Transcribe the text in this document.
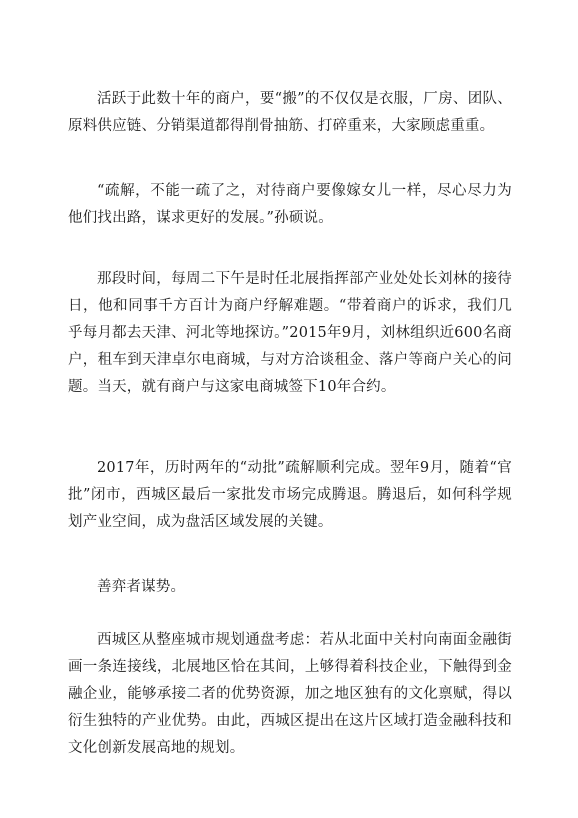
活跃于此数十年的商户，要“搬”的不仅仅是衣服，厂房、团队、原料供应链、分销渠道都得削骨抽筋、打碎重来，大家顾虑重重。

“疏解，不能一疏了之，对待商户要像嫁女儿一样，尽心尽力为他们找出路，谋求更好的发展。”孙硕说。

那段时间，每周二下午是时任北展指挥部产业处处长刘林的接待日，他和同事千方百计为商户纾解难题。“带着商户的诉求，我们几乎每月都去天津、河北等地探访。”2015年9月，刘林组织近600名商户，租车到天津卓尔电商城，与对方洽谈租金、落户等商户关心的问题。当天，就有商户与这家电商城签下10年合约。

2017年，历时两年的“动批”疏解顺利完成。翌年9月，随着“官批”闭市，西城区最后一家批发市场完成腾退。腾退后，如何科学规划产业空间，成为盘活区域发展的关键。

善弈者谋势。

西城区从整座城市规划通盘考虑：若从北面中关村向南面金融街画一条连接线，北展地区恰在其间，上够得着科技企业，下触得到金融企业，能够承接二者的优势资源，加之地区独有的文化禀赋，得以衍生独特的产业优势。由此，西城区提出在这片区域打造金融科技和文化创新发展高地的规划。
